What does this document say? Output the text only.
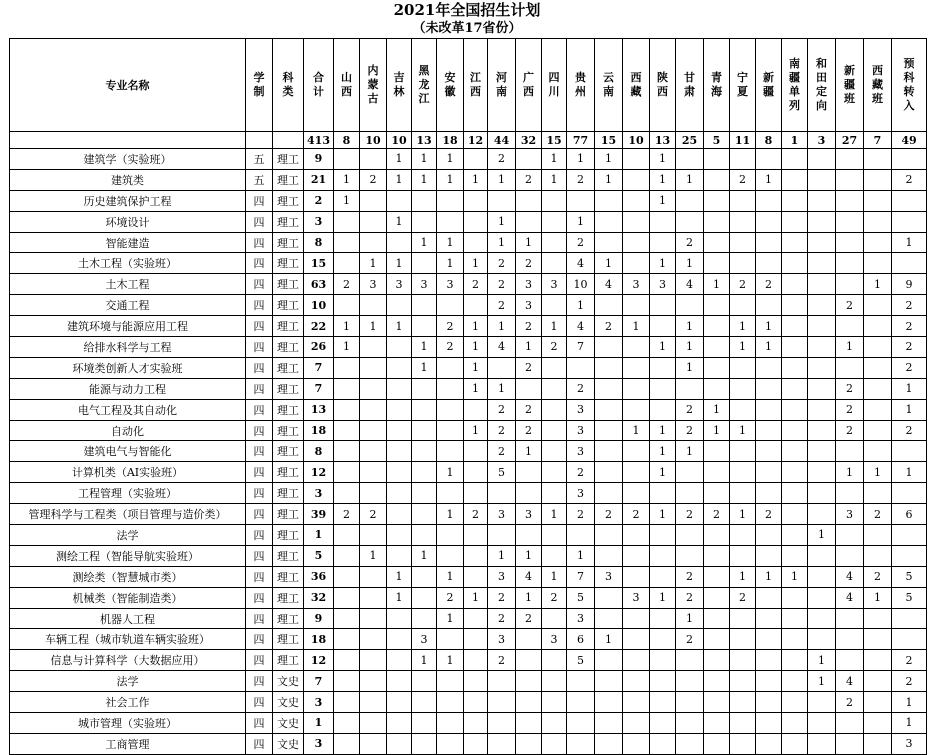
2021年全国招生计划
（未改革17省份）
专业名称	学制	科类	合计	山西	内蒙古	吉林	黑龙江	安徽	江西	河南	广西	四川	贵州	云南	西藏	陕西	甘肃	青海	宁夏	新疆	南疆单列	和田定向	新疆班	西藏班	预科转入
			413	8	10	10	13	18	12	44	32	15	77	15	10	13	25	5	11	8	1	3	27	7	49
建筑学（实验班）	五	理工	9			1	1	1		2		1	1	1		1									
建筑类	五	理工	21	1	2	1	1	1	1	1	2	1	2	1		1	1		2	1					2
历史建筑保护工程	四	理工	2	1												1									
环境设计	四	理工	3			1				1			1												
智能建造	四	理工	8				1	1		1	1		2				2								1
土木工程（实验班）	四	理工	15		1	1		1	1	2	2		4	1		1	1								
土木工程	四	理工	63	2	3	3	3	3	2	2	3	3	10	4	3	3	4	1	2	2				1	9
交通工程	四	理工	10							2	3		1										2		2
建筑环境与能源应用工程	四	理工	22	1	1	1		2	1	1	2	1	4	2	1		1		1	1					2
给排水科学与工程	四	理工	26	1			1	2	1	4	1	2	7			1	1		1	1			1		2
环境类创新人才实验班	四	理工	7				1		1		2						1								2
能源与动力工程	四	理工	7						1	1			2										2		1
电气工程及其自动化	四	理工	13							2	2		3				2	1					2		1
自动化	四	理工	18						1	2	2		3		1	1	2	1	1				2		2
建筑电气与智能化	四	理工	8							2	1		3			1	1								
计算机类（AI实验班）	四	理工	12					1		5			2			1							1	1	1
工程管理（实验班）	四	理工	3										3												
管理科学与工程类（项目管理与造价类）	四	理工	39	2	2			1	2	3	3	1	2	2	2	1	2	2	1	2			3	2	6
法学	四	理工	1																			1			
测绘工程（智能导航实验班）	四	理工	5		1		1			1	1		1												
测绘类（智慧城市类）	四	理工	36			1		1		3	4	1	7	3			2		1	1	1		4	2	5
机械类（智能制造类）	四	理工	32			1		2	1	2	1	2	5		3	1	2		2				4	1	5
机器人工程	四	理工	9					1		2	2		3				1								
车辆工程（城市轨道车辆实验班）	四	理工	18				3			3		3	6	1			2								
信息与计算科学（大数据应用）	四	理工	12				1	1		2			5									1			2
法学	四	文史	7																			1	4		2
社会工作	四	文史	3																				2		1
城市管理（实验班）	四	文史	1																						1
工商管理	四	文史	3																						3
